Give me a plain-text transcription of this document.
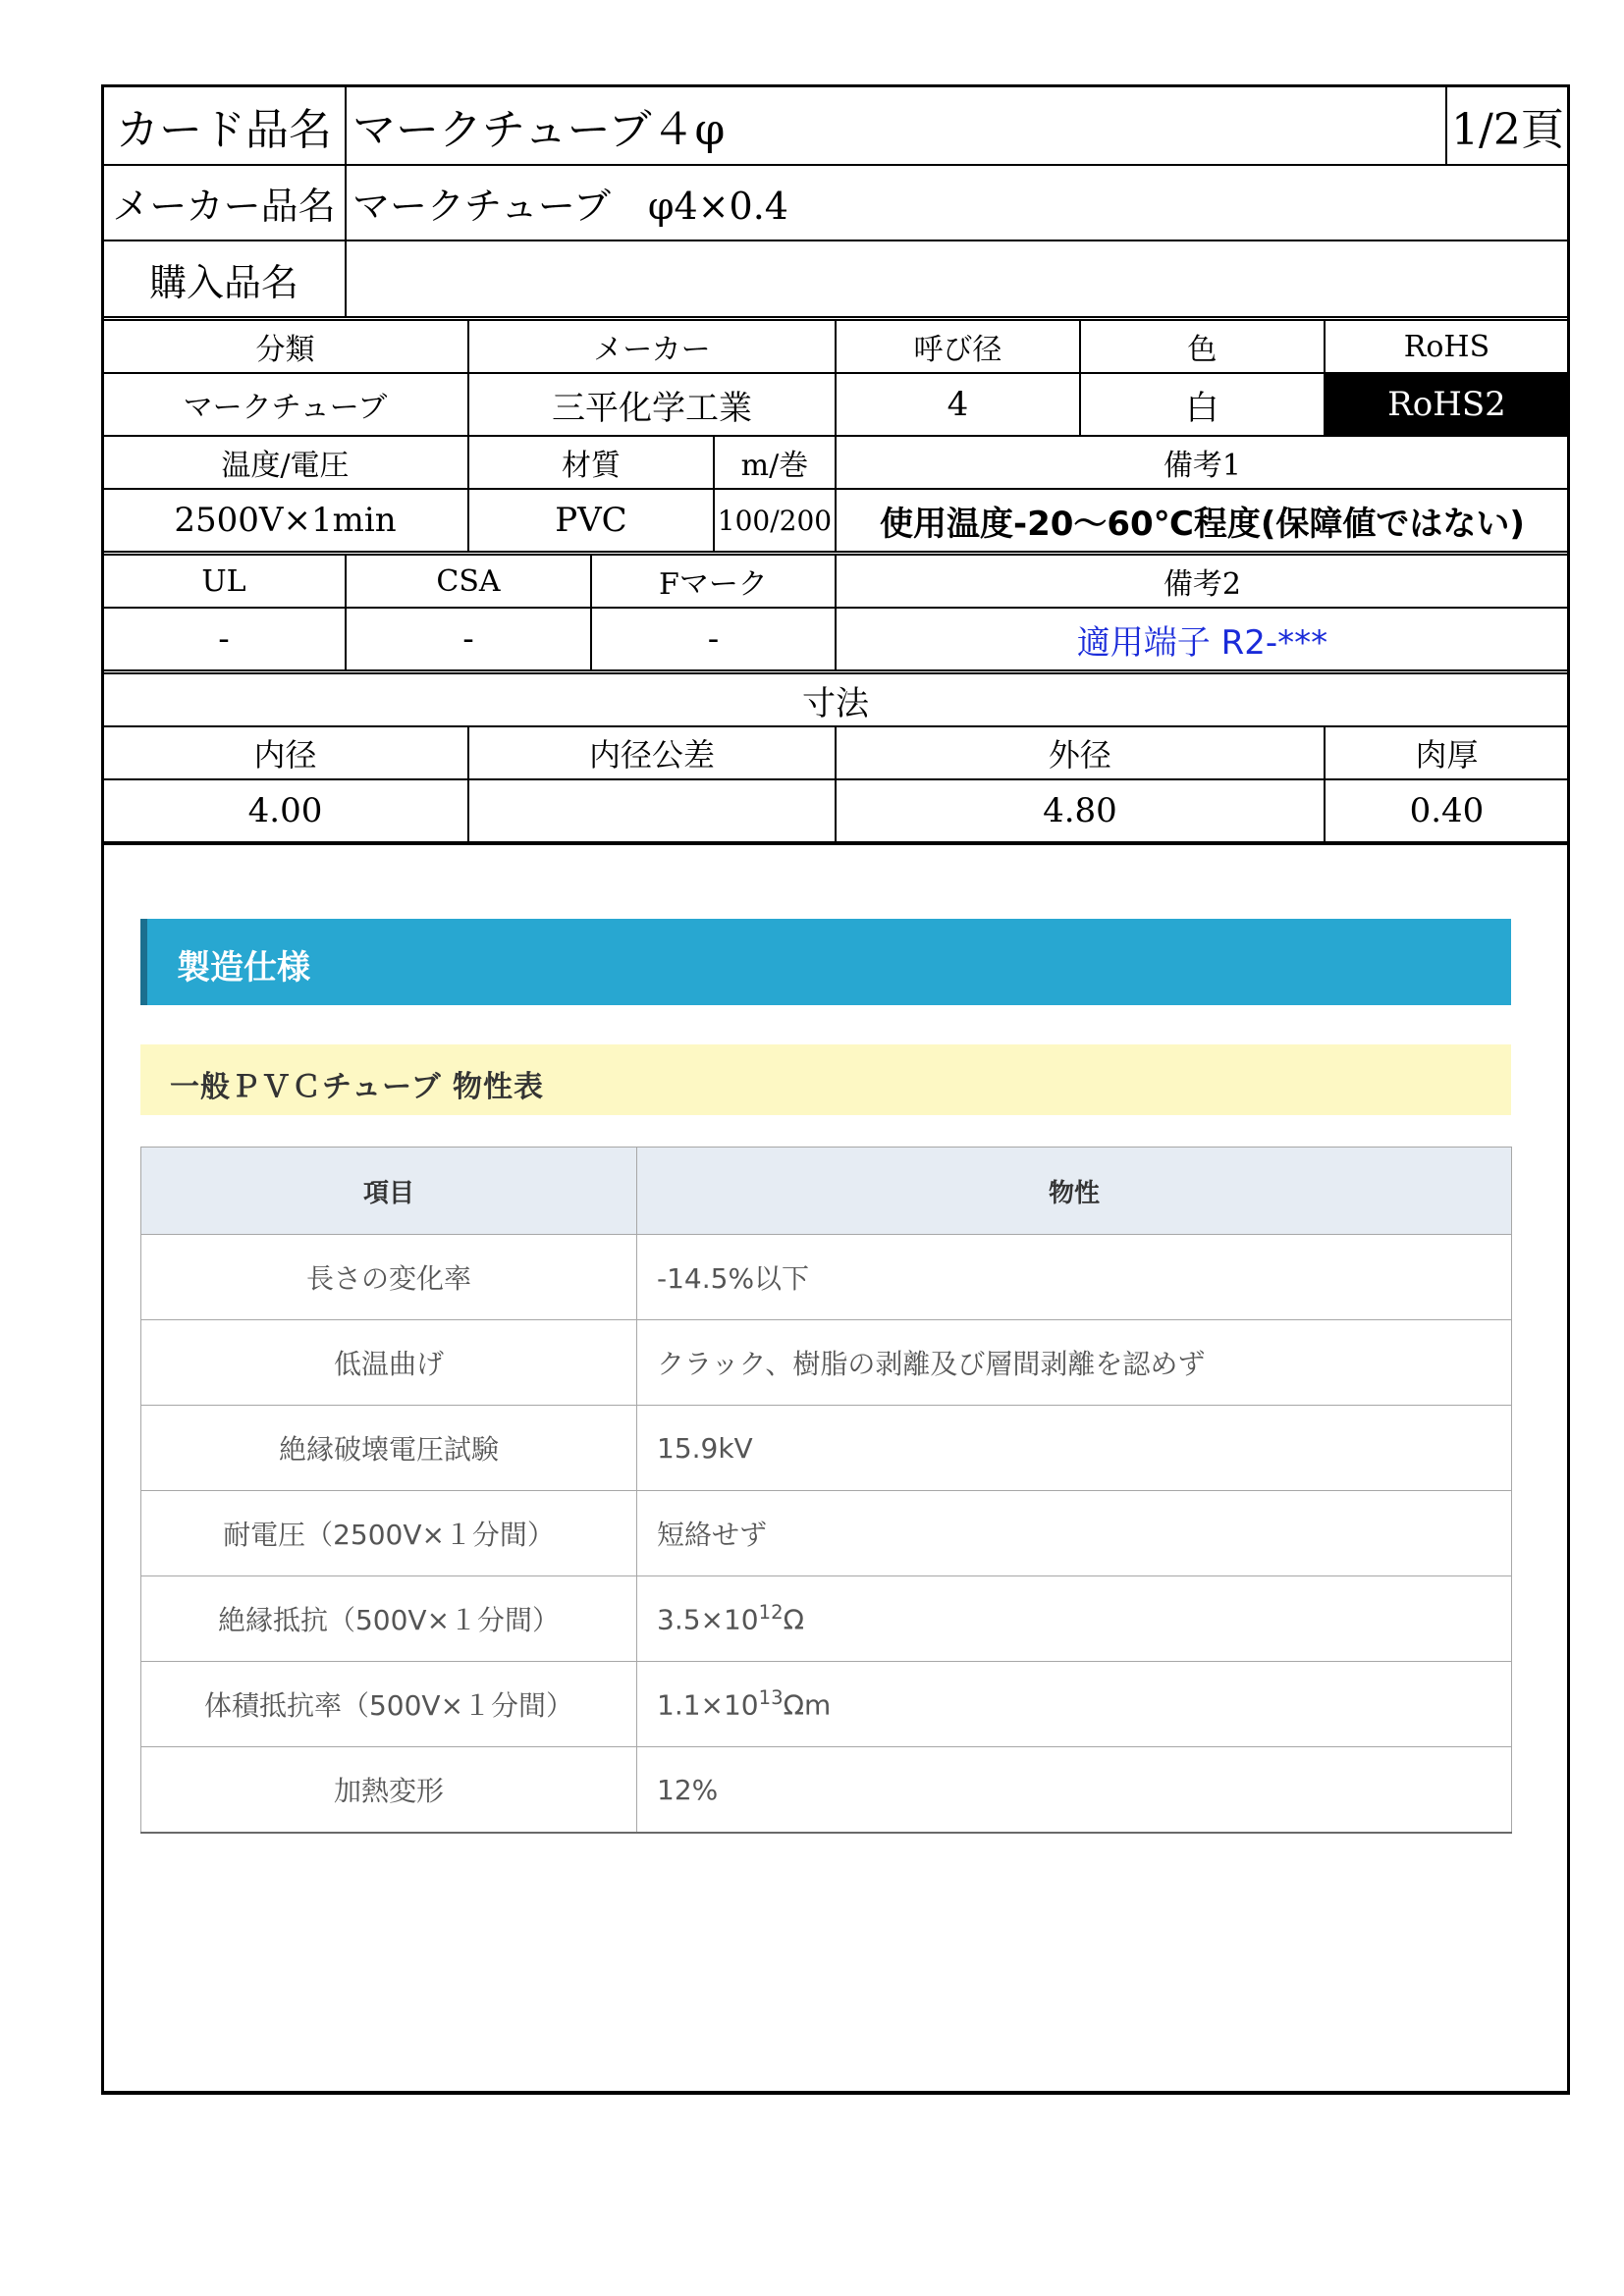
カード品名	マークチューブ４φ							1/2頁
メーカー品名	マークチューブ　φ4×0.4							
購入品名								
分類		メーカー			呼び径	色	RoHS	
マークチューブ		三平化学工業			4	白	RoHS2	
温度/電圧		材質		m/巻	備考1			
2500V×1min		PVC		100/200	使用温度-20～60℃程度(保障値ではない)			
UL	CSA		Fマーク		備考2			
-	-		-		適用端子 R2-***			
寸法								
内径		内径公差			外径		肉厚	
4.00					4.80		0.40	
製造仕様
一般ＰＶＣチューブ 物性表
項目	物性
長さの変化率	-14.5%以下
低温曲げ	クラック、樹脂の剥離及び層間剥離を認めず
絶縁破壊電圧試験	15.9kV
耐電圧（2500V×１分間）	短絡せず
絶縁抵抗（500V×１分間）	$3.5\times 10^{12}\Omega$
体積抵抗率（500V×１分間）	$1.1\times 10^{13}\Omega m$
加熱変形	12%
